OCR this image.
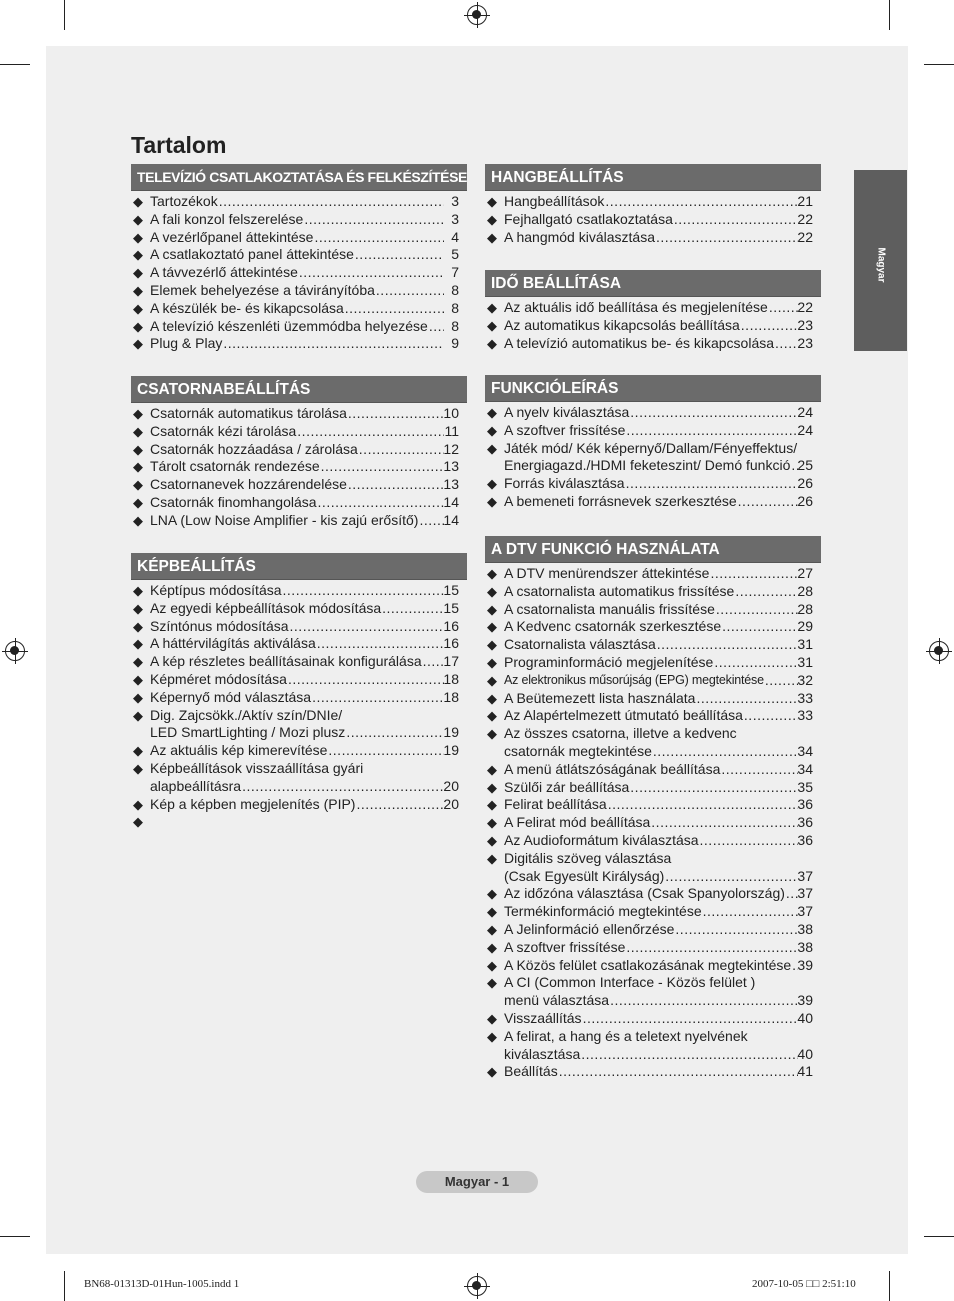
Tartalom
TELEVÍZIÓ CSATLAKOZTATÁSA ÉS FELKÉSZÍTÉSE
◆ Tartozékok .....	3
◆ A fali konzol felszerelése .....	3
◆ A vezérlőpanel áttekintése .....	4
◆ A csatlakoztató panel áttekintése .....	5
◆ A távvezérlő áttekintése .....	7
◆ Elemek behelyezése a távirányítóba .....	8
◆ A készülék be- és kikapcsolása .....	8
◆ A televízió készenléti üzemmódba helyezése .....	8
◆ Plug & Play .....	9
CSATORNABEÁLLÍTÁS
◆ Csatornák automatikus tárolása .....	10
◆ Csatornák kézi tárolása .....	11
◆ Csatornák hozzáadása / zárolása .....	12
◆ Tárolt csatornák rendezése .....	13
◆ Csatornanevek hozzárendelése .....	13
◆ Csatornák finomhangolása .....	14
◆ LNA (Low Noise Amplifier - kis zajú erősítő) .....	14
KÉPBEÁLLÍTÁS
◆ Képtípus módosítása .....	15
◆ Az egyedi képbeállítások módosítása .....	15
◆ Színtónus módosítása .....	16
◆ A háttérvilágítás aktiválása .....	16
◆ A kép részletes beállításainak konfigurálása .....	17
◆ Képméret módosítása .....	18
◆ Képernyő mód választása .....	18
◆ Dig. Zajcsökk./Aktív szín/DNIe/
LED SmartLighting / Mozi plusz .....	19
◆ Az aktuális kép kimerevítése .....	19
◆ Képbeállítások visszaállítása gyári
alapbeállításra .....	20
◆ Kép a képben megjelenítés (PIP) .....	20
◆
HANGBEÁLLÍTÁS
◆ Hangbeállítások .....	21
◆ Fejhallgató csatlakoztatása .....	22
◆ A hangmód kiválasztása .....	22
IDŐ BEÁLLÍTÁSA
◆ Az aktuális idő beállítása és megjelenítése .....	22
◆ Az automatikus kikapcsolás beállítása .....	23
◆ A televízió automatikus be- és kikapcsolása .....	23
FUNKCIÓLEÍRÁS
◆ A nyelv kiválasztása .....	24
◆ A szoftver frissítése .....	24
◆ Játék mód/ Kék képernyő/Dallam/Fényeffektus/
Energiagazd./HDMI feketeszint/ Demó funkció ..... 25
◆ Forrás kiválasztása .....	26
◆ A bemeneti forrásnevek szerkesztése .....	26
A DTV FUNKCIÓ HASZNÁLATA
◆ A DTV menürendszer áttekintése .....	27
◆ A csatornalista automatikus frissítése .....	28
◆ A csatornalista manuális frissítése .....	28
◆ A Kedvenc csatornák szerkesztése .....	29
◆ Csatornalista választása .....	31
◆ Programinformáció megjelenítése .....	31
◆ Az elektronikus műsorújság (EPG) megtekintése .....	32
◆ A Beütemezett lista használata .....	33
◆ Az Alapértelmezett útmutató beállítása .....	33
◆ Az összes csatorna, illetve a kedvenc
csatornák megtekintése .....	34
◆ A menü átlátszóságának beállítása .....	34
◆ Szülői zár beállítása .....	35
◆ Felirat beállítása .....	36
◆ A Felirat mód beállítása .....	36
◆ Az Audioformátum kiválasztása .....	36
◆ Digitális szöveg választása
(Csak Egyesült Királyság) .....	37
◆ Az időzóna választása (Csak Spanyolország) ..... 37
◆ Termékinformáció megtekintése .....	37
◆ A Jelinformáció ellenőrzése .....	38
◆ A szoftver frissítése .....	38
◆ A Közös felület csatlakozásának megtekintése ..... 39
◆ A CI (Common Interface - Közös felület )
menü választása .....	39
◆ Visszaállítás .....	40
◆ A felirat, a hang és a teletext nyelvének
kiválasztása .....	40
◆ Beállítás .....	41
Magyar
Magyar - 1
BN68-01313D-01Hun-1005.indd 1	2007-10-05 □□ 2:51:10
